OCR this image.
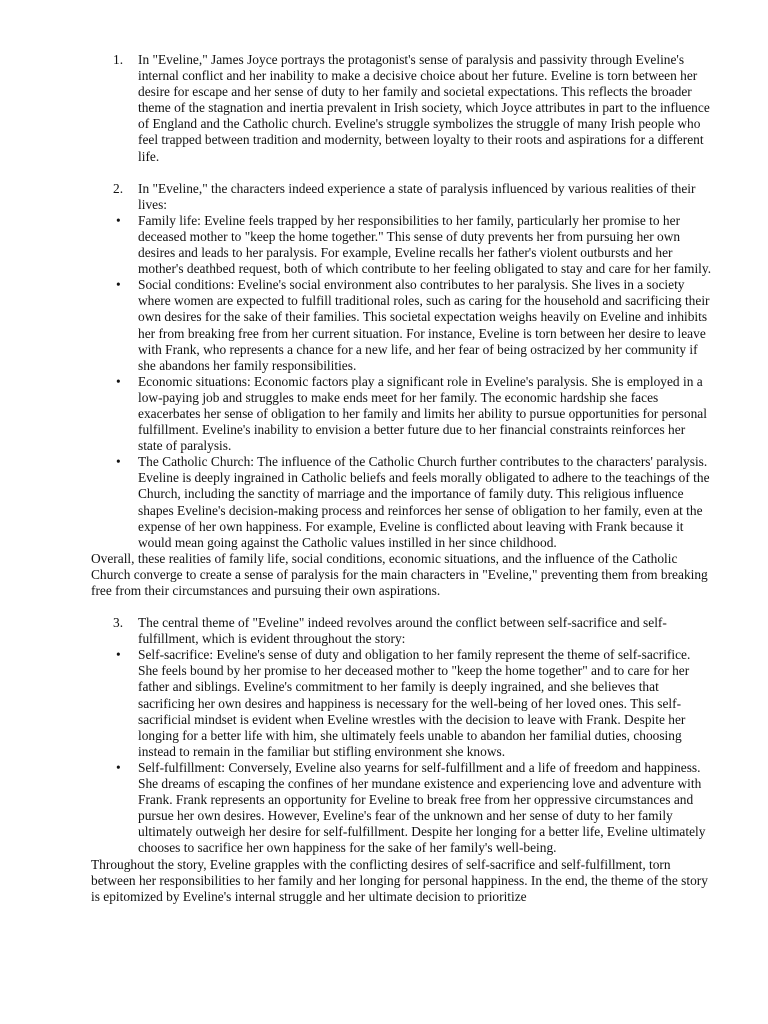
1. In "Eveline," James Joyce portrays the protagonist's sense of paralysis and passivity through Eveline's internal conflict and her inability to make a decisive choice about her future. Eveline is torn between her desire for escape and her sense of duty to her family and societal expectations. This reflects the broader theme of the stagnation and inertia prevalent in Irish society, which Joyce attributes in part to the influence of England and the Catholic church. Eveline's struggle symbolizes the struggle of many Irish people who feel trapped between tradition and modernity, between loyalty to their roots and aspirations for a different life.

2. In "Eveline," the characters indeed experience a state of paralysis influenced by various realities of their lives:

• Family life: Eveline feels trapped by her responsibilities to her family, particularly her promise to her deceased mother to "keep the home together." This sense of duty prevents her from pursuing her own desires and leads to her paralysis. For example, Eveline recalls her father's violent outbursts and her mother's deathbed request, both of which contribute to her feeling obligated to stay and care for her family.

• Social conditions: Eveline's social environment also contributes to her paralysis. She lives in a society where women are expected to fulfill traditional roles, such as caring for the household and sacrificing their own desires for the sake of their families. This societal expectation weighs heavily on Eveline and inhibits her from breaking free from her current situation. For instance, Eveline is torn between her desire to leave with Frank, who represents a chance for a new life, and her fear of being ostracized by her community if she abandons her family responsibilities.

• Economic situations: Economic factors play a significant role in Eveline's paralysis. She is employed in a low-paying job and struggles to make ends meet for her family. The economic hardship she faces exacerbates her sense of obligation to her family and limits her ability to pursue opportunities for personal fulfillment. Eveline's inability to envision a better future due to her financial constraints reinforces her state of paralysis.

• The Catholic Church: The influence of the Catholic Church further contributes to the characters' paralysis. Eveline is deeply ingrained in Catholic beliefs and feels morally obligated to adhere to the teachings of the Church, including the sanctity of marriage and the importance of family duty. This religious influence shapes Eveline's decision-making process and reinforces her sense of obligation to her family, even at the expense of her own happiness. For example, Eveline is conflicted about leaving with Frank because it would mean going against the Catholic values instilled in her since childhood.

Overall, these realities of family life, social conditions, economic situations, and the influence of the Catholic Church converge to create a sense of paralysis for the main characters in "Eveline," preventing them from breaking free from their circumstances and pursuing their own aspirations.

3. The central theme of "Eveline" indeed revolves around the conflict between self-sacrifice and self-fulfillment, which is evident throughout the story:

• Self-sacrifice: Eveline's sense of duty and obligation to her family represent the theme of self-sacrifice. She feels bound by her promise to her deceased mother to "keep the home together" and to care for her father and siblings. Eveline's commitment to her family is deeply ingrained, and she believes that sacrificing her own desires and happiness is necessary for the well-being of her loved ones. This self-sacrificial mindset is evident when Eveline wrestles with the decision to leave with Frank. Despite her longing for a better life with him, she ultimately feels unable to abandon her familial duties, choosing instead to remain in the familiar but stifling environment she knows.

• Self-fulfillment: Conversely, Eveline also yearns for self-fulfillment and a life of freedom and happiness. She dreams of escaping the confines of her mundane existence and experiencing love and adventure with Frank. Frank represents an opportunity for Eveline to break free from her oppressive circumstances and pursue her own desires. However, Eveline's fear of the unknown and her sense of duty to her family ultimately outweigh her desire for self-fulfillment. Despite her longing for a better life, Eveline ultimately chooses to sacrifice her own happiness for the sake of her family's well-being.

Throughout the story, Eveline grapples with the conflicting desires of self-sacrifice and self-fulfillment, torn between her responsibilities to her family and her longing for personal happiness. In the end, the theme of the story is epitomized by Eveline's internal struggle and her ultimate decision to prioritize
